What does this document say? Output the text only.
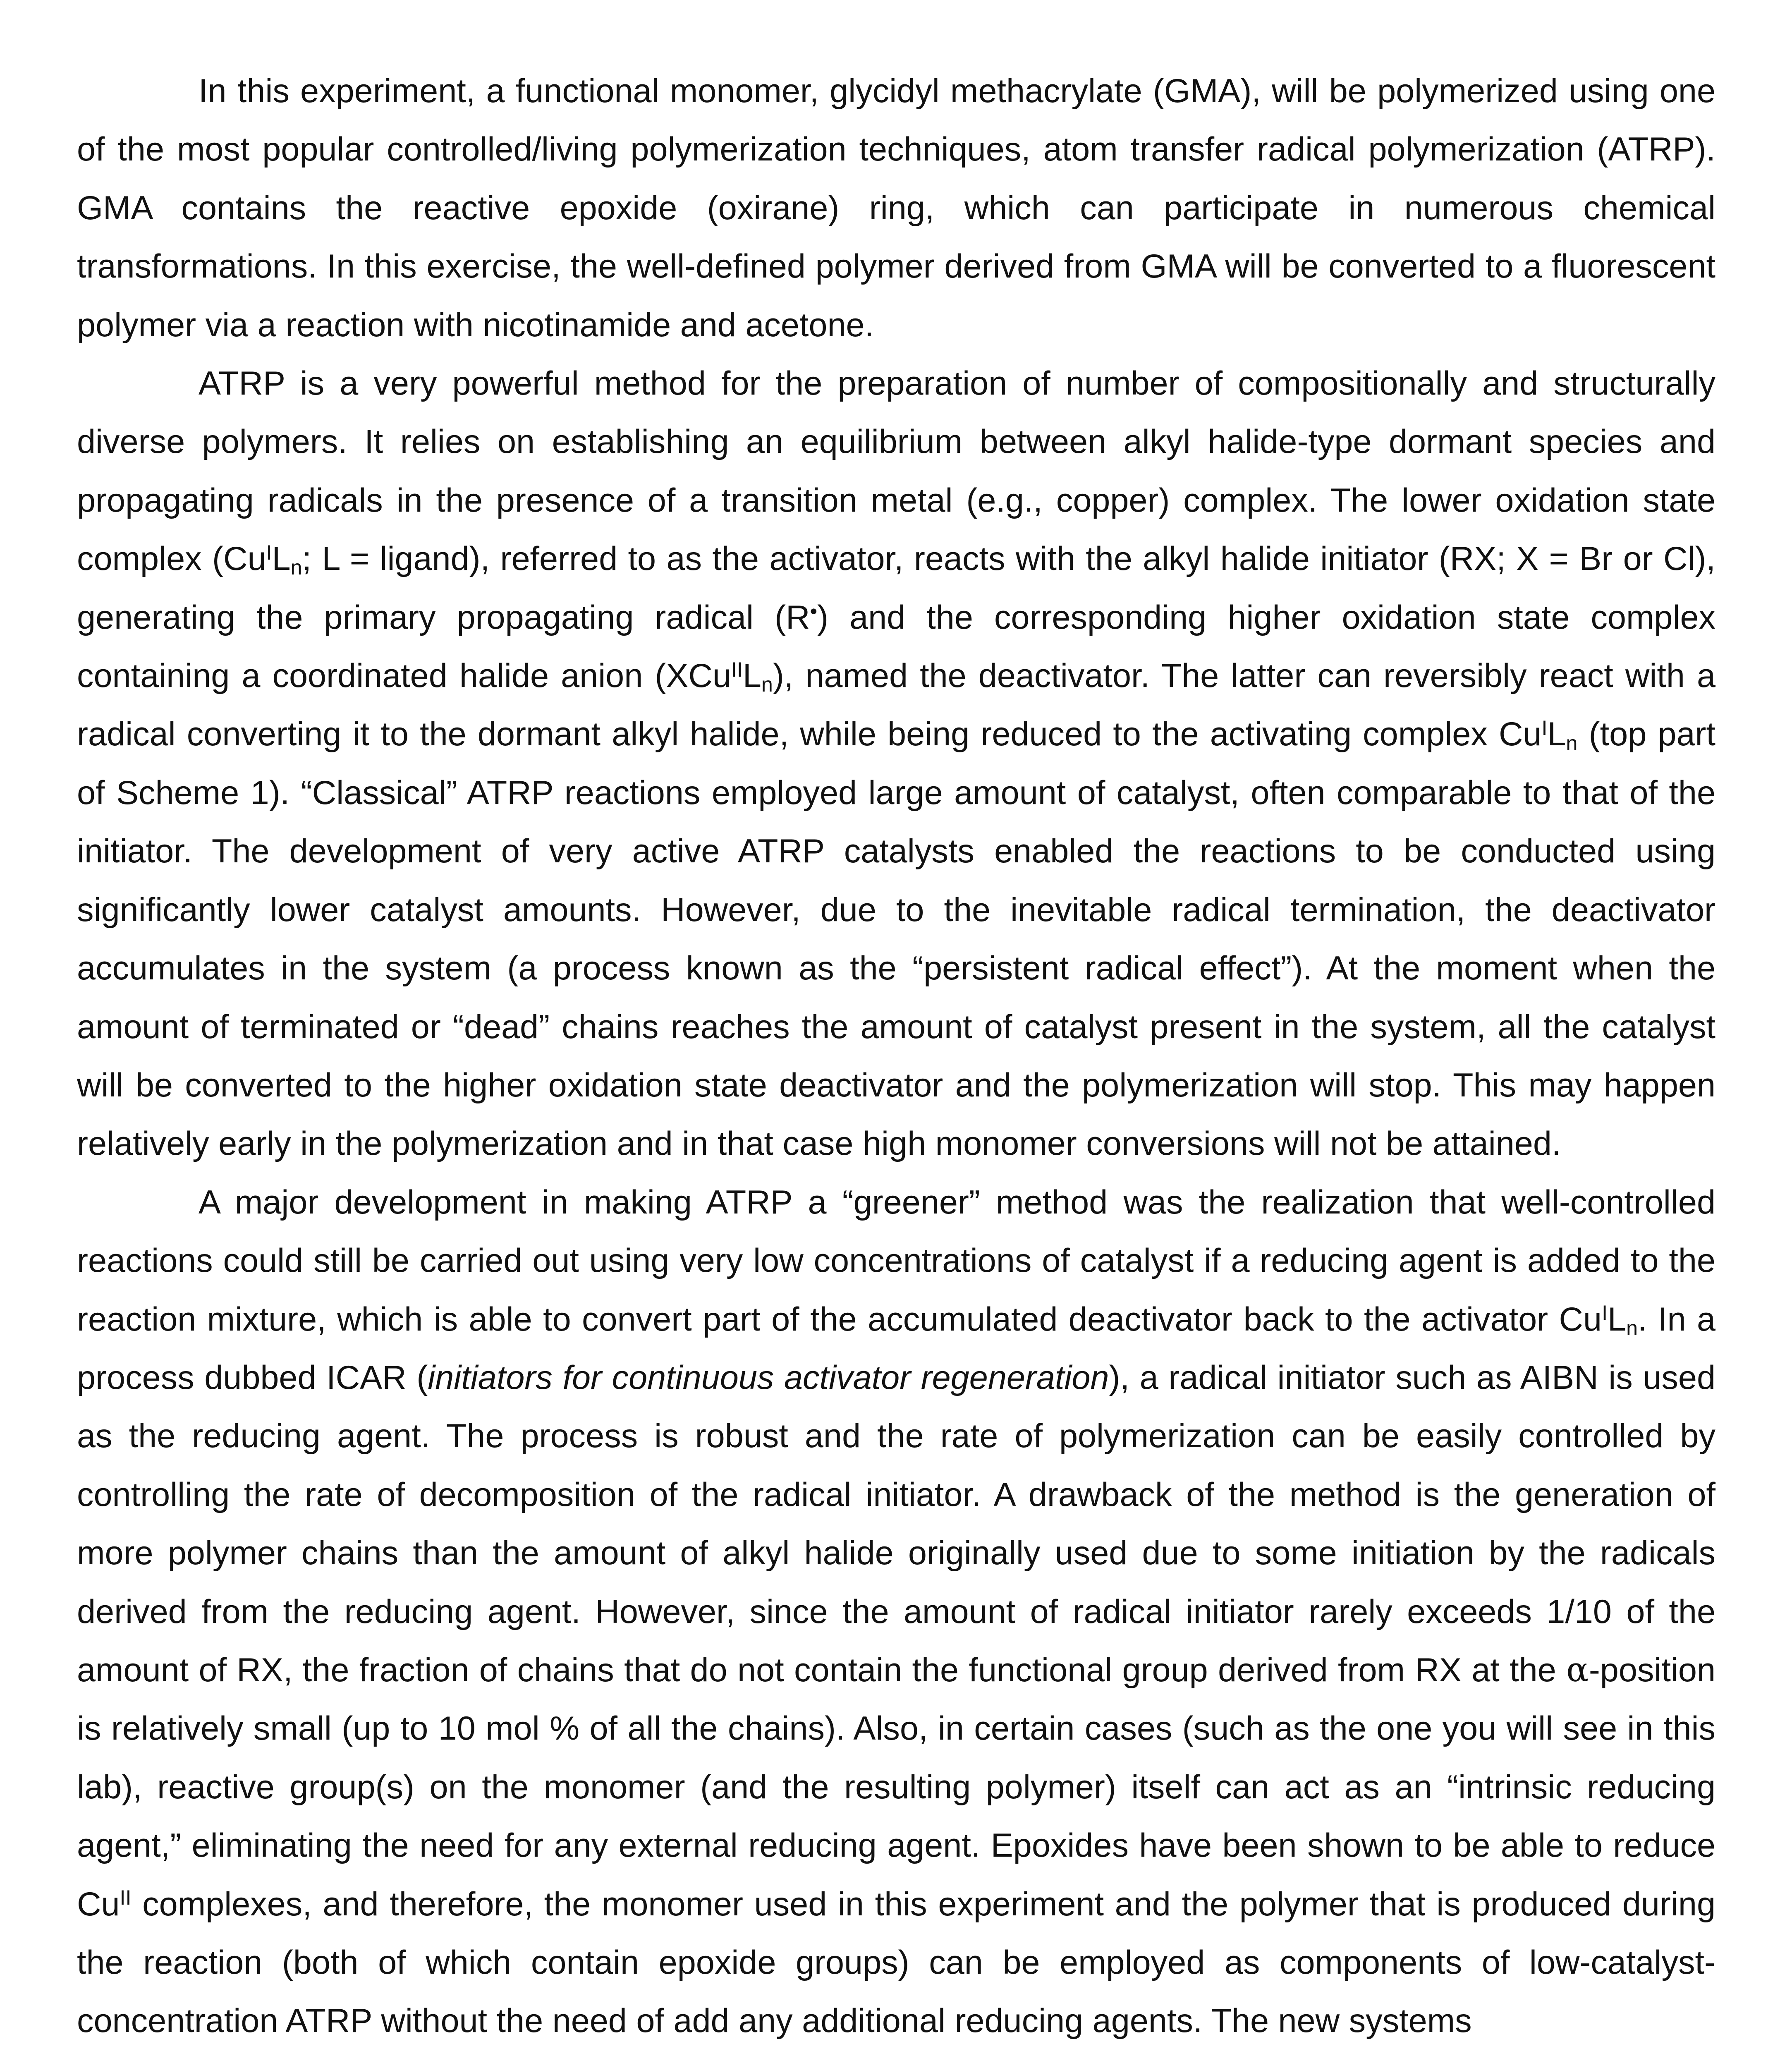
In this experiment, a functional monomer, glycidyl methacrylate (GMA), will be polymerized using one of the most popular controlled/living polymerization techniques, atom transfer radical polymerization (ATRP). GMA contains the reactive epoxide (oxirane) ring, which can participate in numerous chemical transformations. In this exercise, the well-defined polymer derived from GMA will be converted to a fluorescent polymer via a reaction with nicotinamide and acetone.

ATRP is a very powerful method for the preparation of number of compositionally and structurally diverse polymers. It relies on establishing an equilibrium between alkyl halide-type dormant species and propagating radicals in the presence of a transition metal (e.g., copper) complex. The lower oxidation state complex ($Cu^IL_n$; L = ligand), referred to as the activator, reacts with the alkyl halide initiator (RX; X = Br or Cl), generating the primary propagating radical (R•) and the corresponding higher oxidation state complex containing a coordinated halide anion $(XCu^{II}L_n)$, named the deactivator. The latter can reversibly react with a radical converting it to the dormant alkyl halide, while being reduced to the activating complex $Cu^IL_n$ (top part of Scheme 1). “Classical” ATRP reactions employed large amount of catalyst, often comparable to that of the initiator. The development of very active ATRP catalysts enabled the reactions to be conducted using significantly lower catalyst amounts. However, due to the inevitable radical termination, the deactivator accumulates in the system (a process known as the “persistent radical effect”). At the moment when the amount of terminated or “dead” chains reaches the amount of catalyst present in the system, all the catalyst will be converted to the higher oxidation state deactivator and the polymerization will stop. This may happen relatively early in the polymerization and in that case high monomer conversions will not be attained.

A major development in making ATRP a “greener” method was the realization that well-controlled reactions could still be carried out using very low concentrations of catalyst if a reducing agent is added to the reaction mixture, which is able to convert part of the accumulated deactivator back to the activator $Cu^IL_n$. In a process dubbed ICAR (initiators for continuous activator regeneration), a radical initiator such as AIBN is used as the reducing agent. The process is robust and the rate of polymerization can be easily controlled by controlling the rate of decomposition of the radical initiator. A drawback of the method is the generation of more polymer chains than the amount of alkyl halide originally used due to some initiation by the radicals derived from the reducing agent. However, since the amount of radical initiator rarely exceeds 1/10 of the amount of RX, the fraction of chains that do not contain the functional group derived from RX at the α-position is relatively small (up to 10 mol % of all the chains). Also, in certain cases (such as the one you will see in this lab), reactive group(s) on the monomer (and the resulting polymer) itself can act as an “intrinsic reducing agent,” eliminating the need for any external reducing agent. Epoxides have been shown to be able to reduce $Cu^{II}$ complexes, and therefore, the monomer used in this experiment and the polymer that is produced during the reaction (both of which contain epoxide groups) can be employed as components of low-catalyst-concentration ATRP without the need of add any additional reducing agents. The new systems
